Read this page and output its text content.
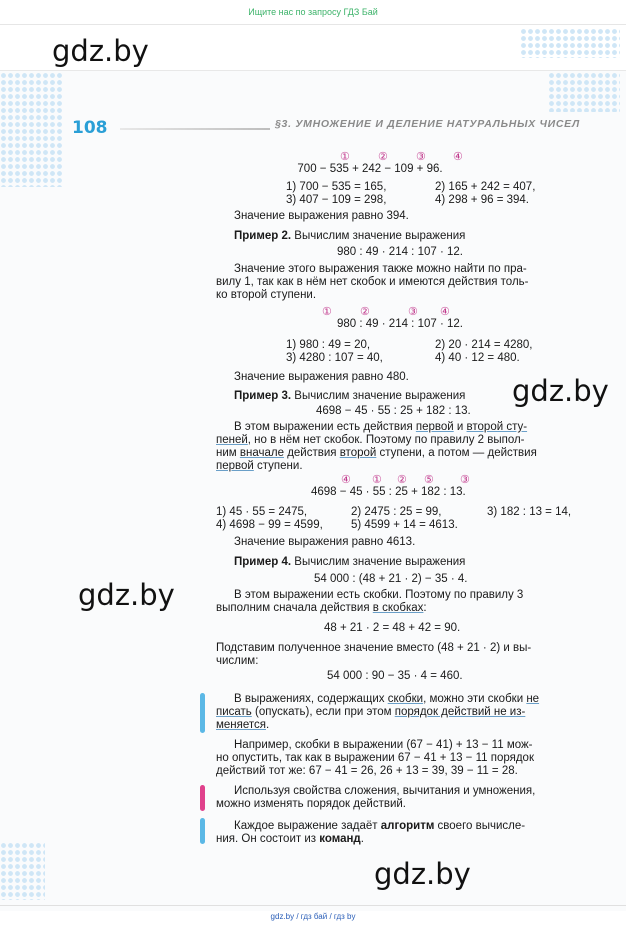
Ищите нас по запросу ГДЗ Бай
gdz.by
gdz.by
gdz.by
gdz.by
108	§3. УМНОЖЕНИЕ И ДЕЛЕНИЕ НАТУРАЛЬНЫХ ЧИСЕЛ
①	②	③ ④
700 − 535 + 242 − 109 + 96.
1) 700 − 535 = 165,	2) 165 + 242 = 407,
3) 407 − 109 = 298,	4) 298 + 96 = 394.
Значение выражения равно 394.
Пример 2. Вычислим значение выражения
980 : 49 · 214 : 107 · 12.
Значение этого выражения также можно найти по пра-
вилу 1, так как в нём нет скобок и имеются действия толь-
ко второй ступени.
①	②	③ ④
980 : 49 · 214 : 107 · 12.
1) 980 : 49 = 20,	2) 20 · 214 = 4280,
3) 4280 : 107 = 40,	4) 40 · 12 = 480.
Значение выражения равно 480.
Пример 3. Вычислим значение выражения
4698 − 45 · 55 : 25 + 182 : 13.
В этом выражении есть действия первой и второй сту-
пеней, но в нём нет скобок. Поэтому по правилу 2 выпол-
ним вначале действия второй ступени, а потом — действия
первой ступени.
④ ① ② ⑤ ③
4698 − 45 · 55 : 25 + 182 : 13.
1) 45 · 55 = 2475,	2) 2475 : 25 = 99,	3) 182 : 13 = 14,
4) 4698 − 99 = 4599, 5) 4599 + 14 = 4613.
Значение выражения равно 4613.
Пример 4. Вычислим значение выражения
54 000 : (48 + 21 · 2) − 35 · 4.
В этом выражении есть скобки. Поэтому по правилу 3
выполним сначала действия в скобках:
48 + 21 · 2 = 48 + 42 = 90.
Подставим полученное значение вместо (48 + 21 · 2) и вы-
числим:
54 000 : 90 − 35 · 4 = 460.
В выражениях, содержащих скобки, можно эти скобки не
писать (опускать), если при этом порядок действий не из-
меняется.
Например, скобки в выражении (67 − 41) + 13 − 11 мож-
но опустить, так как в выражении 67 − 41 + 13 − 11 порядок
действий тот же: 67 − 41 = 26, 26 + 13 = 39, 39 − 11 = 28.
Используя свойства сложения, вычитания и умножения,
можно изменять порядок действий.
Каждое выражение задаёт алгоритм своего вычисле-
ния. Он состоит из команд.
gdz.by / гдз бай / гдз by
